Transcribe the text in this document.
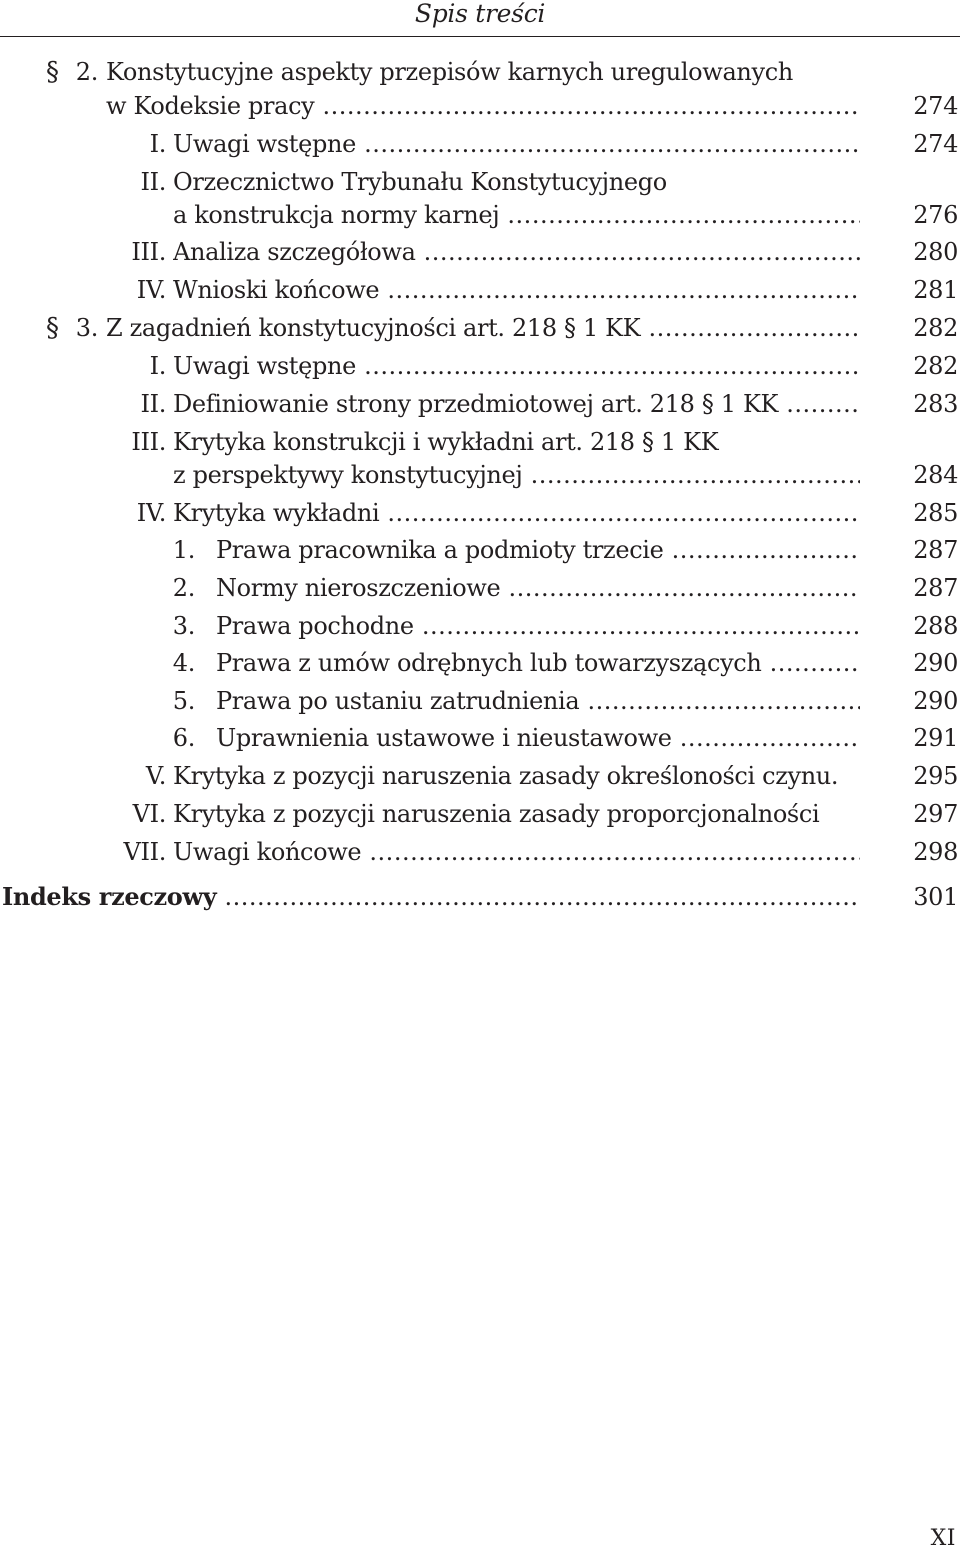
Spis treści
§ 2. Konstytucyjne aspekty przepisów karnych uregulowanych
w Kodeksie pracy .....	274
I. Uwagi wstępne .....	274
II. Orzecznictwo Trybunału Konstytucyjnego
a konstrukcja normy karnej .....	276
III. Analiza szczegółowa .....	280
IV. Wnioski końcowe .....	281
§ 3. Z zagadnień konstytucyjności art. 218 § 1 KK .....	282
I. Uwagi wstępne .....	282
II. Definiowanie strony przedmiotowej art. 218 § 1 KK .....	283
III. Krytyka konstrukcji i wykładni art. 218 § 1 KK
z perspektywy konstytucyjnej .....	284
IV. Krytyka wykładni .....	285
1. Prawa pracownika a podmioty trzecie .....	287
2. Normy nieroszczeniowe .....	287
3. Prawa pochodne .....	288
4. Prawa z umów odrębnych lub towarzyszących .....	290
5. Prawa po ustaniu zatrudnienia .....	290
6. Uprawnienia ustawowe i nieustawowe .....	291
V. Krytyka z pozycji naruszenia zasady określoności czynu.	295
VI. Krytyka z pozycji naruszenia zasady proporcjonalności	297
VII. Uwagi końcowe .....	298
Indeks rzeczowy .....	301
XI
